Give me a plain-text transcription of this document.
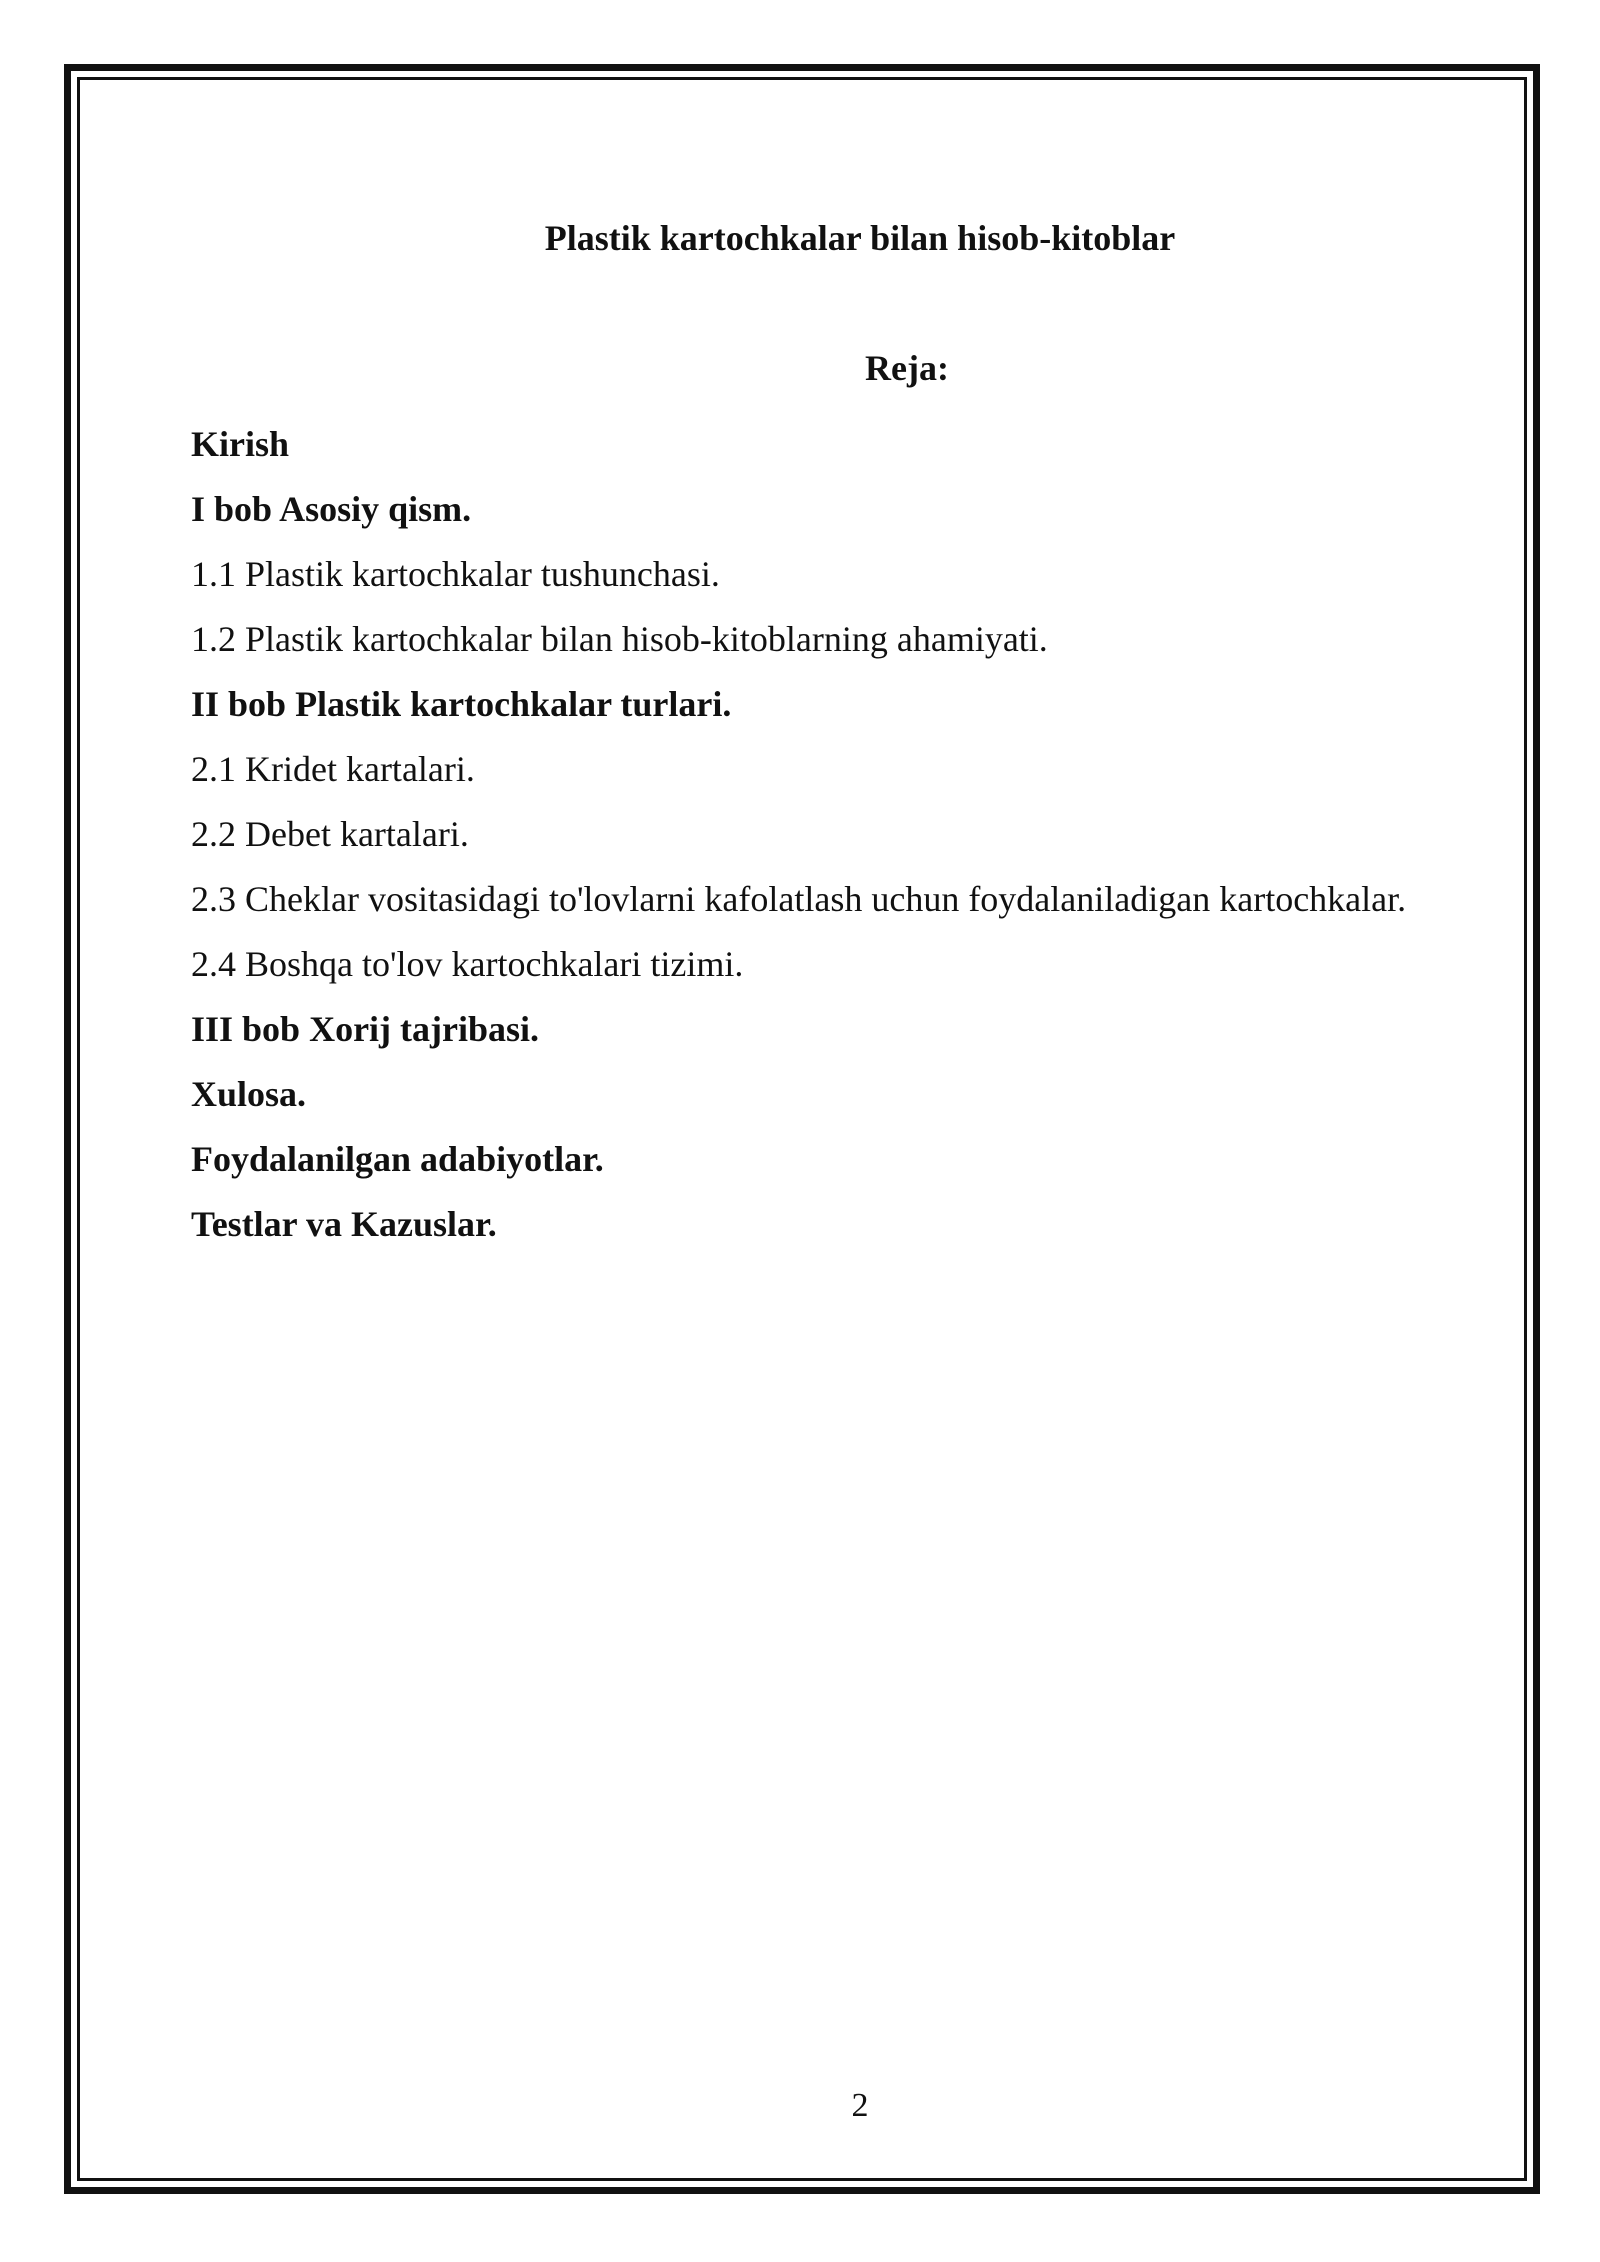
Plastik kartochkalar bilan hisob-kitoblar
Reja:
Kirish
I bob Asosiy qism.
1.1 Plastik kartochkalar tushunchasi.
1.2 Plastik kartochkalar bilan hisob-kitoblarning ahamiyati.
II bob Plastik kartochkalar turlari.
2.1 Kridet kartalari.
2.2 Debet kartalari.
2.3 Cheklar vositasidagi to'lovlarni kafolatlash uchun foydalaniladigan kartochkalar.
2.4 Boshqa to'lov kartochkalari tizimi.
III bob Xorij tajribasi.
Xulosa.
Foydalanilgan adabiyotlar.
Testlar va Kazuslar.
2
